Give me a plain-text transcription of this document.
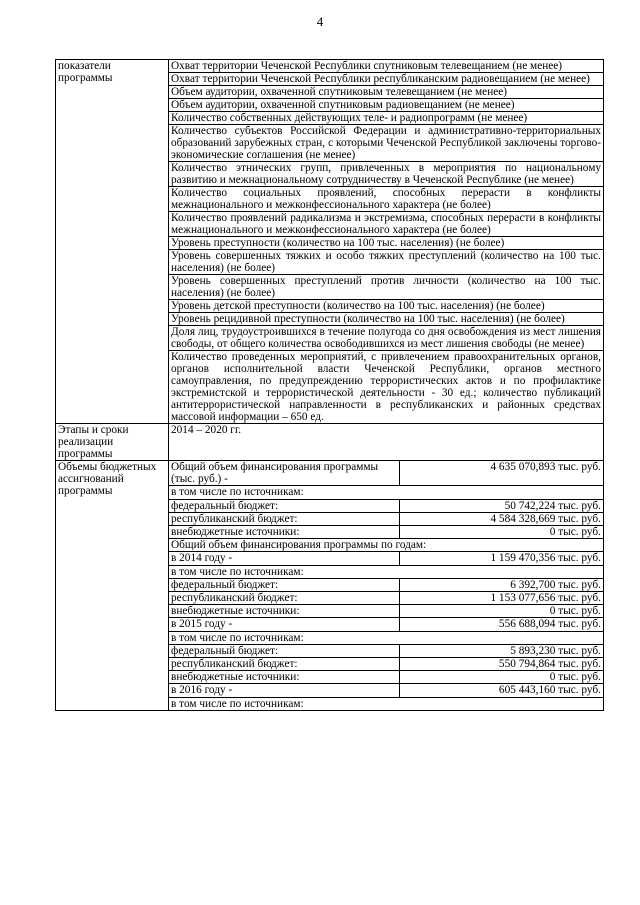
4
показатели программы	Охват территории Чеченской Республики спутниковым телевещанием (не менее)
Охват территории Чеченской Республики республиканским радиовещанием (не менее)
Объем аудитории, охваченной спутниковым телевещанием (не менее)
Объем аудитории, охваченной спутниковым радиовещанием (не менее)
Количество собственных действующих теле- и радиопрограмм (не менее)
Количество субъектов Российской Федерации и административно-территориальных образований зарубежных стран, с которыми Чеченской Республикой заключены торгово-экономические соглашения (не менее)
Количество этнических групп, привлеченных в мероприятия по национальному развитию и межнациональному сотрудничеству в Чеченской Республике (не менее)
Количество социальных проявлений, способных перерасти в конфликты межнационального и межконфессионального характера (не более)
Количество проявлений радикализма и экстремизма, способных перерасти в конфликты межнационального и межконфессионального характера (не более)
Уровень преступности (количество на 100 тыс. населения) (не более)
Уровень совершенных тяжких и особо тяжких преступлений (количество на 100 тыс. населения) (не более)
Уровень совершенных преступлений против личности (количество на 100 тыс. населения) (не более)
Уровень детской преступности (количество на 100 тыс. населения) (не более)
Уровень рецидивной преступности (количество на 100 тыс. населения) (не более)
Доля лиц, трудоустроившихся в течение полугода со дня освобождения из мест лишения свободы, от общего количества освободившихся из мест лишения свободы (не менее)
Количество проведенных мероприятий, с привлечением правоохранительных органов, органов исполнительной власти Чеченской Республики, органов местного самоуправления, по предупреждению террористических актов и по профилактике экстремистской и террористической деятельности - 30 ед.; количество публикаций антитеррористической направленности в республиканских и районных средствах массовой информации – 650 ед.
Этапы и сроки реализации программы	2014 – 2020 гг.
Объемы бюджетных ассигнований программы	
Общий объем финансирования программы (тыс. руб.) -	4 635 070,893 тыс. руб.
в том числе по источникам:
федеральный бюджет:	50 742,224 тыс. руб.
республиканский бюджет:	4 584 328,669 тыс. руб.
внебюджетные источники:	0 тыс. руб.
Общий объем финансирования программы по годам:
в 2014 году -	1 159 470,356 тыс. руб.
в том числе по источникам:
федеральный бюджет:	6 392,700 тыс. руб.
республиканский бюджет:	1 153 077,656 тыс. руб.
внебюджетные источники:	0 тыс. руб.
в 2015 году -	556 688,094 тыс. руб.
в том числе по источникам:
федеральный бюджет:	5 893,230 тыс. руб.
республиканский бюджет:	550 794,864 тыс. руб.
внебюджетные источники:	0 тыс. руб.
в 2016 году -	605 443,160 тыс. руб.
в том числе по источникам:
